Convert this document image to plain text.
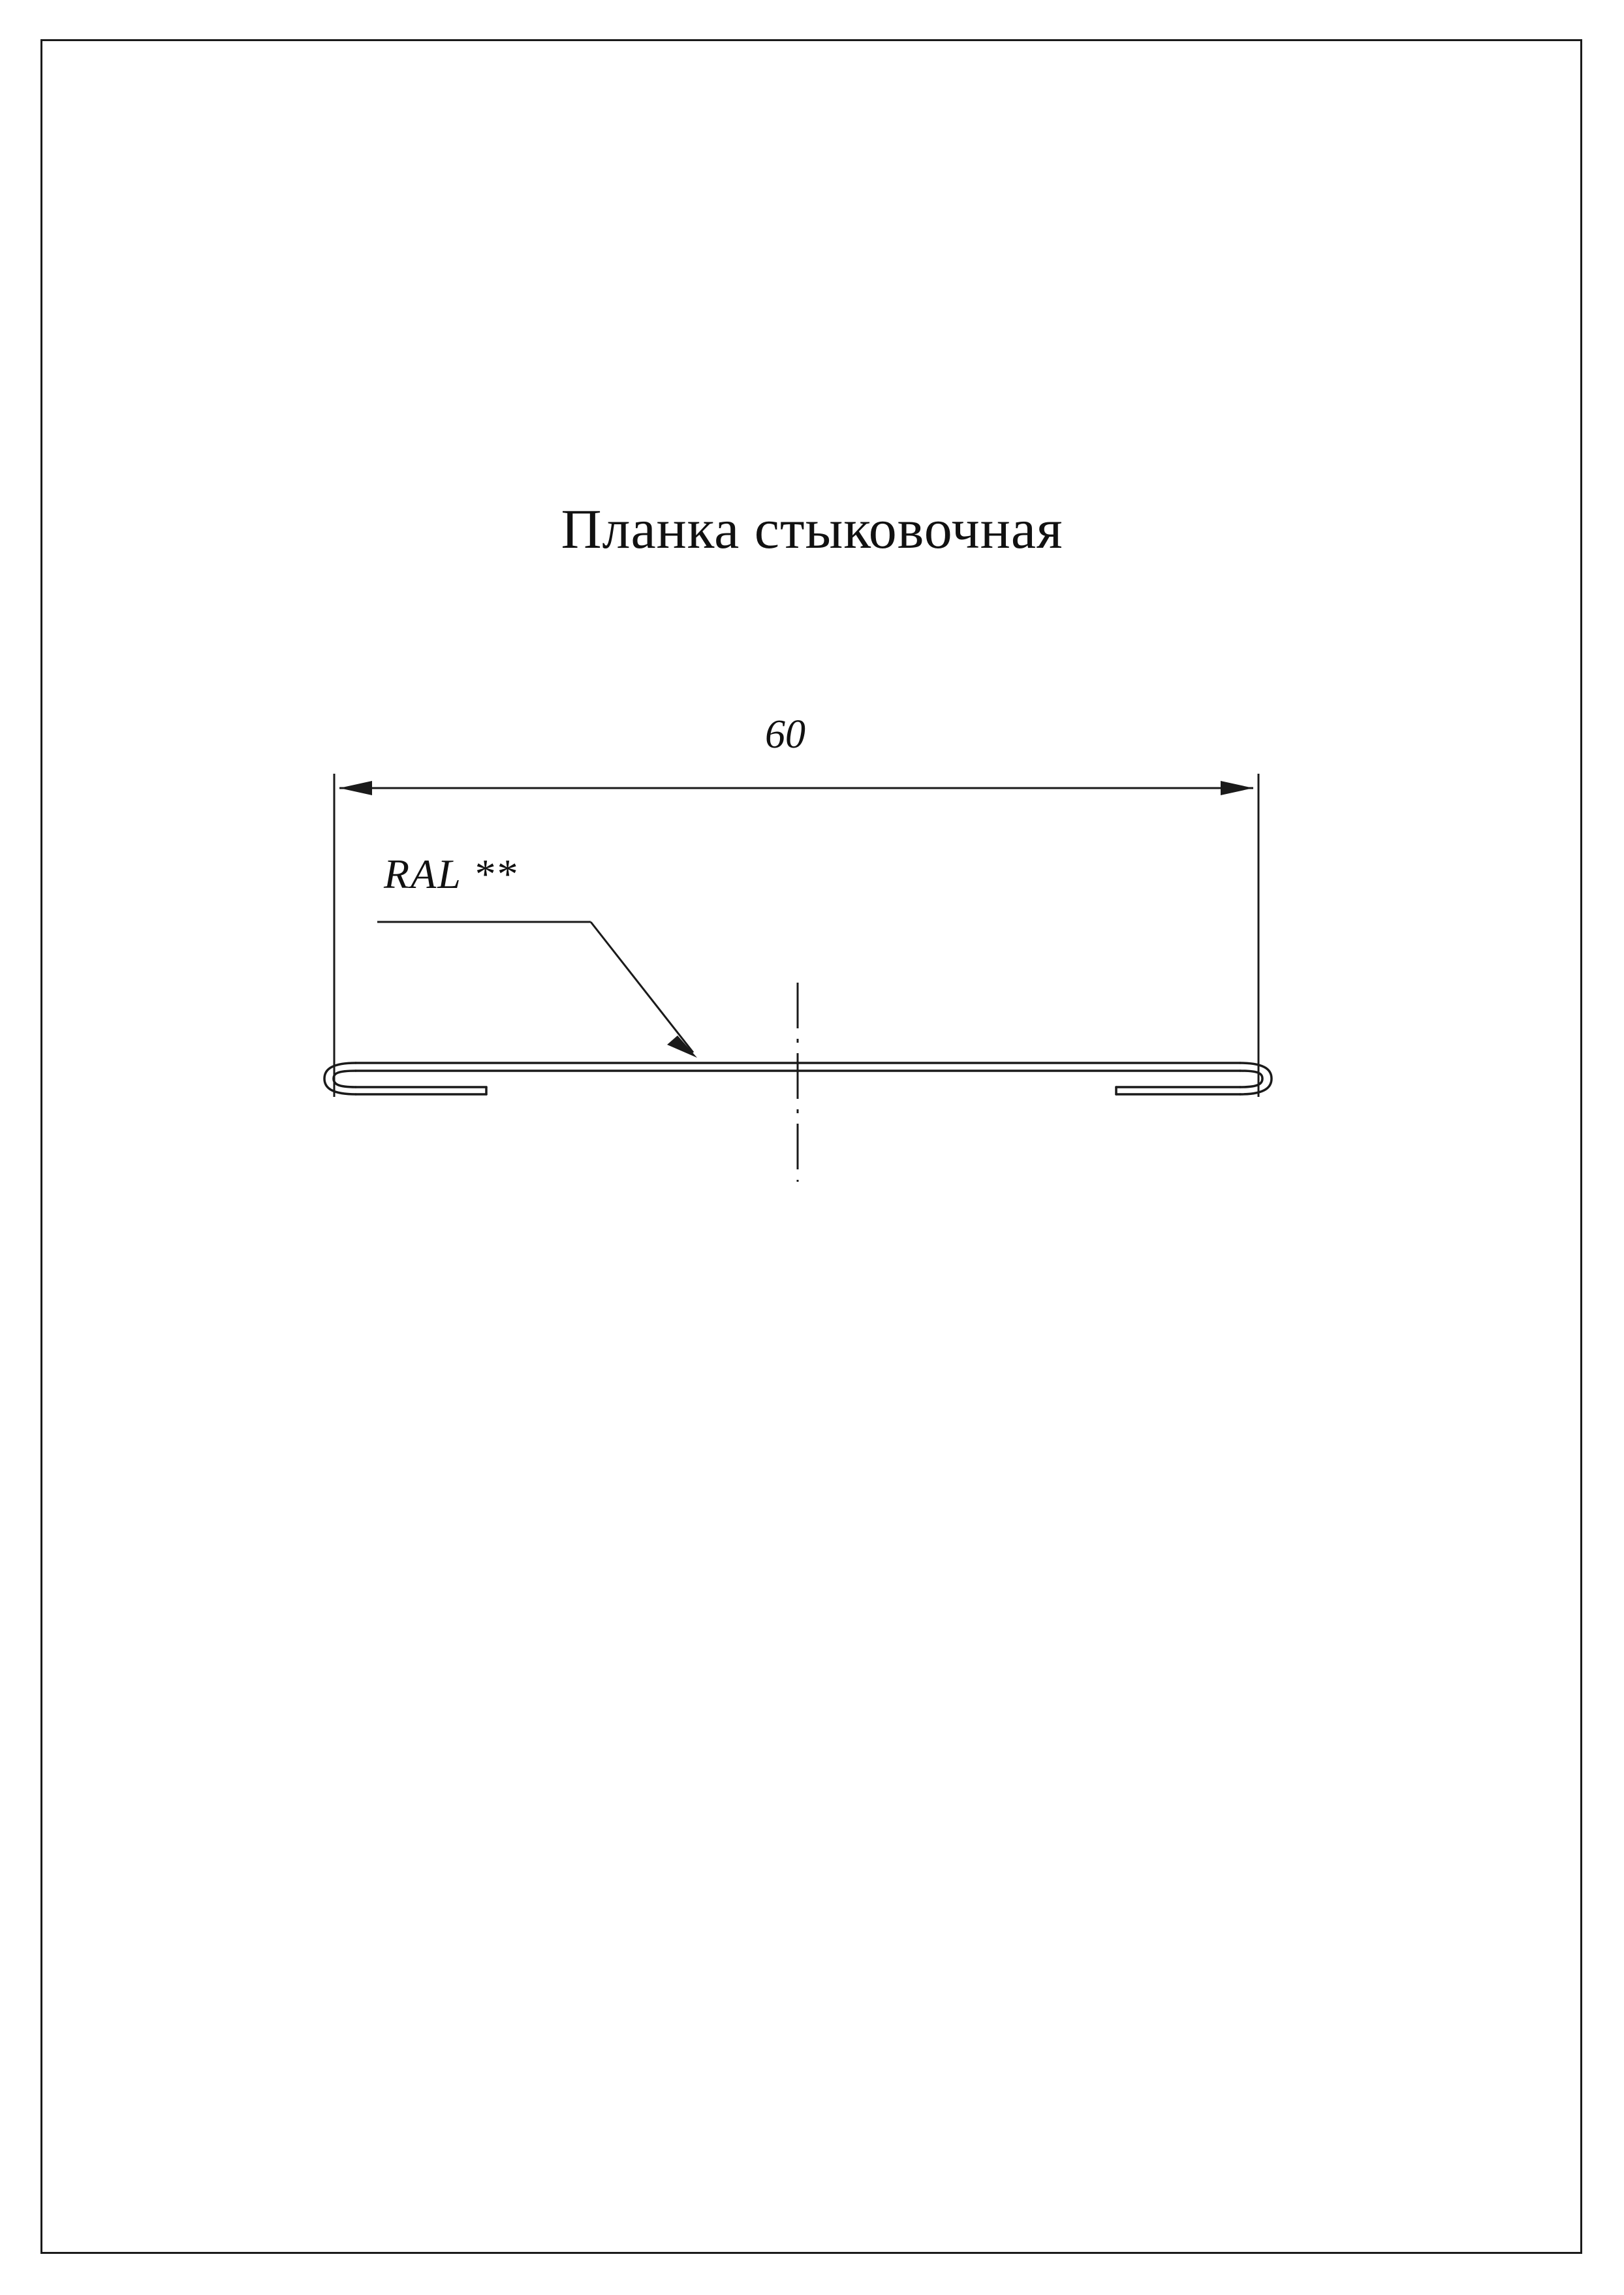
Планка стыковочная
60
RAL **
